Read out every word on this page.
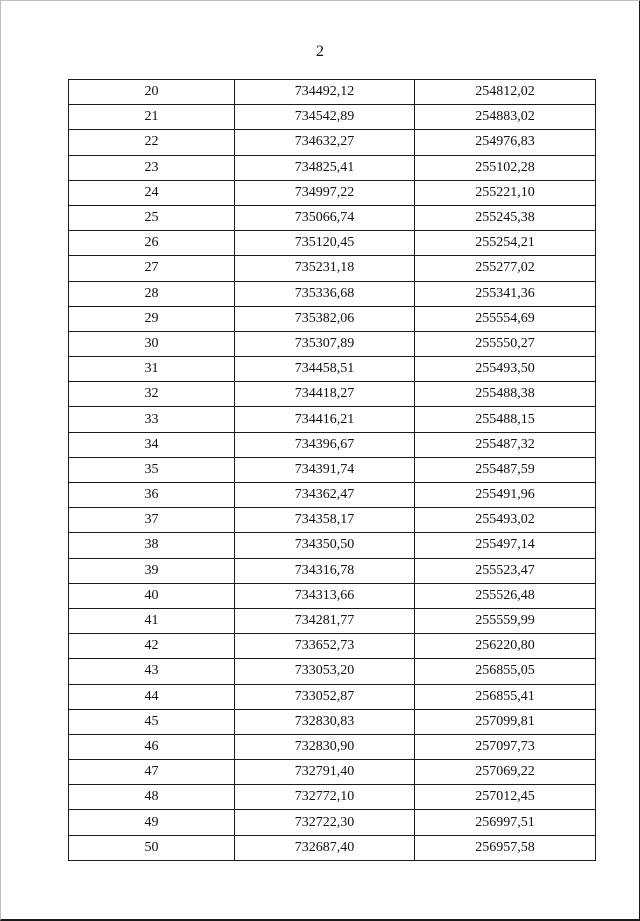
2
20	734492,12	254812,02
21	734542,89	254883,02
22	734632,27	254976,83
23	734825,41	255102,28
24	734997,22	255221,10
25	735066,74	255245,38
26	735120,45	255254,21
27	735231,18	255277,02
28	735336,68	255341,36
29	735382,06	255554,69
30	735307,89	255550,27
31	734458,51	255493,50
32	734418,27	255488,38
33	734416,21	255488,15
34	734396,67	255487,32
35	734391,74	255487,59
36	734362,47	255491,96
37	734358,17	255493,02
38	734350,50	255497,14
39	734316,78	255523,47
40	734313,66	255526,48
41	734281,77	255559,99
42	733652,73	256220,80
43	733053,20	256855,05
44	733052,87	256855,41
45	732830,83	257099,81
46	732830,90	257097,73
47	732791,40	257069,22
48	732772,10	257012,45
49	732722,30	256997,51
50	732687,40	256957,58
